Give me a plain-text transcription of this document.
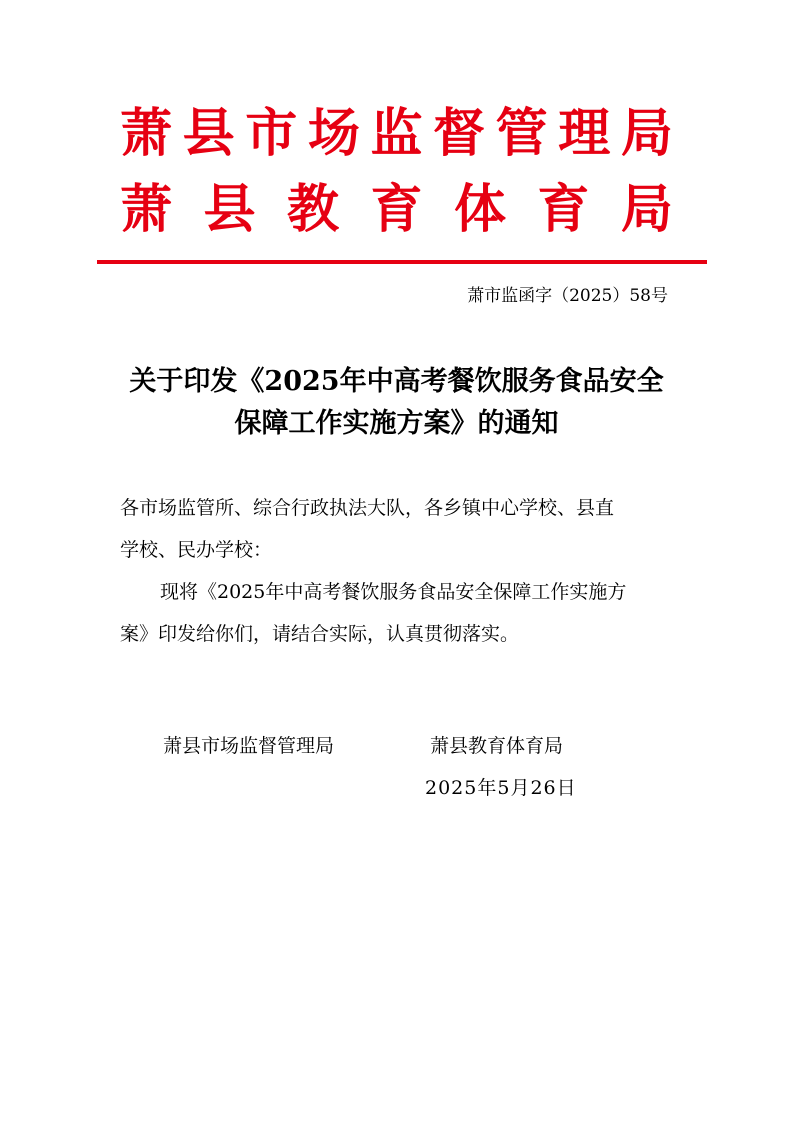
萧 县 市 场 监 督 管 理 局
萧 县 教 育 体 育 局
萧市监函字（2025）58号
关于印发《2025年中高考餐饮服务食品安全
保障工作实施方案》的通知
各市场监管所、综合行政执法大队，各乡镇中心学校、县直
学校、民办学校：
现将《2025年中高考餐饮服务食品安全保障工作实施方
案》印发给你们，请结合实际，认真贯彻落实。
萧县市场监督管理局	萧县教育体育局
2025年5月26日
